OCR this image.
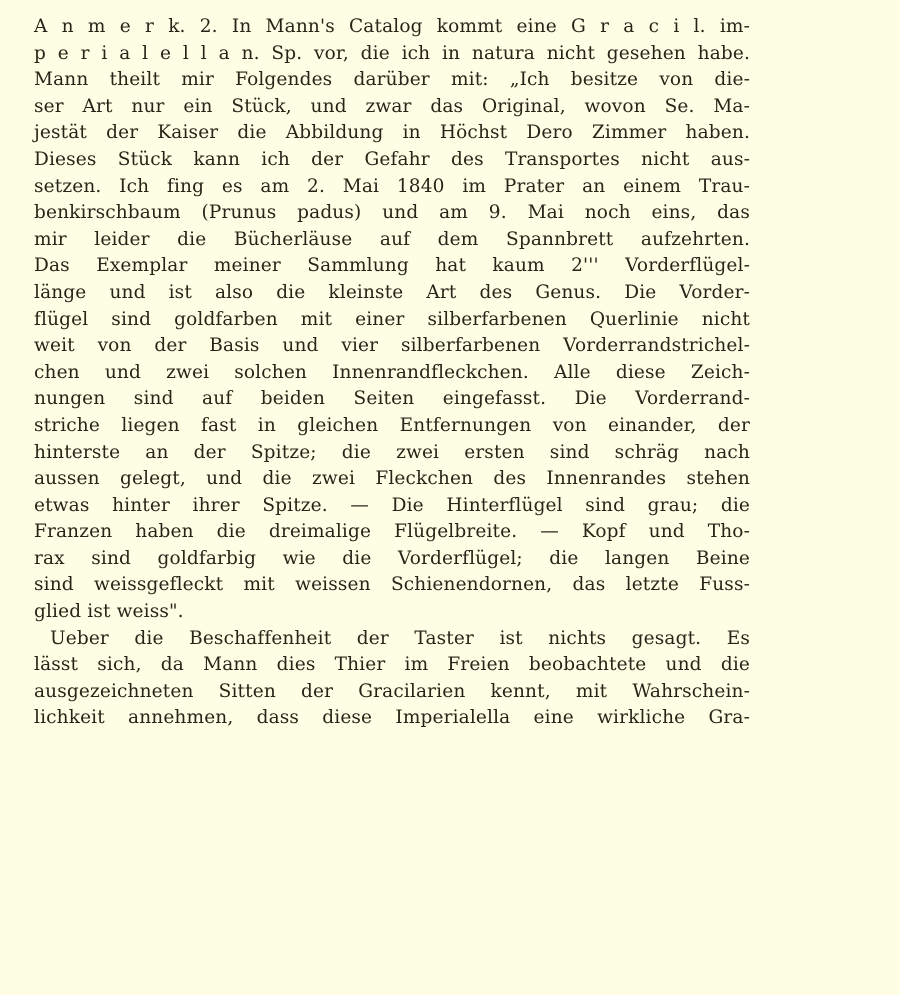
A n m e r k. 2. In Mann's Catalog kommt eine G r a c i l. im-
p e r i a l e l l a n. Sp. vor, die ich in natura nicht gesehen habe.
Mann theilt mir Folgendes darüber mit: „Ich besitze von die-
ser Art nur ein Stück, und zwar das Original, wovon Se. Ma-
jestät der Kaiser die Abbildung in Höchst Dero Zimmer haben.
Dieses Stück kann ich der Gefahr des Transportes nicht aus-
setzen. Ich fing es am 2. Mai 1840 im Prater an einem Trau-
benkirschbaum (Prunus padus) und am 9. Mai noch eins, das
mir leider die Bücherläuse auf dem Spannbrett aufzehrten.
Das Exemplar meiner Sammlung hat kaum 2''' Vorderflügel-
länge und ist also die kleinste Art des Genus. Die Vorder-
flügel sind goldfarben mit einer silberfarbenen Querlinie nicht
weit von der Basis und vier silberfarbenen Vorderrandstrichel-
chen und zwei solchen Innenrandfleckchen. Alle diese Zeich-
nungen sind auf beiden Seiten eingefasst. Die Vorderrand-
striche liegen fast in gleichen Entfernungen von einander, der
hinterste an der Spitze; die zwei ersten sind schräg nach
aussen gelegt, und die zwei Fleckchen des Innenrandes stehen
etwas hinter ihrer Spitze. — Die Hinterflügel sind grau; die
Franzen haben die dreimalige Flügelbreite. — Kopf und Tho-
rax sind goldfarbig wie die Vorderflügel; die langen Beine
sind weissgefleckt mit weissen Schienendornen, das letzte Fuss-
glied ist weiss".
Ueber die Beschaffenheit der Taster ist nichts gesagt. Es
lässt sich, da Mann dies Thier im Freien beobachtete und die
ausgezeichneten Sitten der Gracilarien kennt, mit Wahrschein-
lichkeit annehmen, dass diese Imperialella eine wirkliche Gra-
